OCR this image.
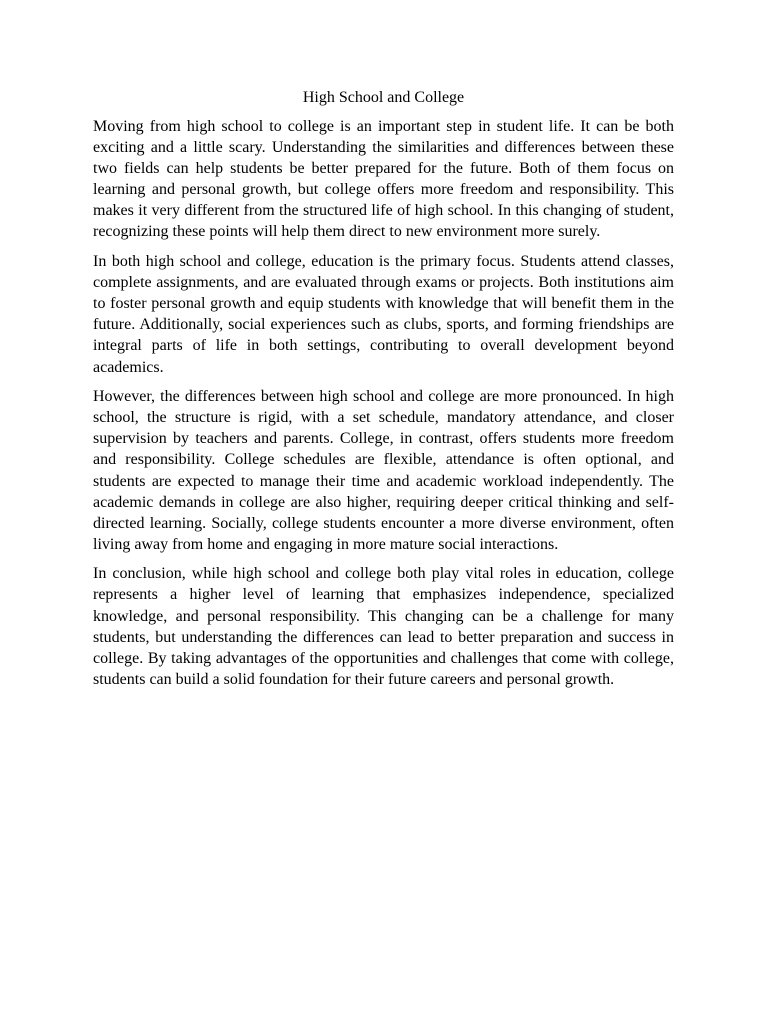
High School and College

Moving from high school to college is an important step in student life. It can be both exciting and a little scary. Understanding the similarities and differences between these two fields can help students be better prepared for the future. Both of them focus on learning and personal growth, but college offers more freedom and responsibility. This makes it very different from the structured life of high school. In this changing of student, recognizing these points will help them direct to new environment more surely.

In both high school and college, education is the primary focus. Students attend classes, complete assignments, and are evaluated through exams or projects. Both institutions aim to foster personal growth and equip students with knowledge that will benefit them in the future. Additionally, social experiences such as clubs, sports, and forming friendships are integral parts of life in both settings, contributing to overall development beyond academics.

However, the differences between high school and college are more pronounced. In high school, the structure is rigid, with a set schedule, mandatory attendance, and closer supervision by teachers and parents. College, in contrast, offers students more freedom and responsibility. College schedules are flexible, attendance is often optional, and students are expected to manage their time and academic workload independently. The academic demands in college are also higher, requiring deeper critical thinking and self-directed learning. Socially, college students encounter a more diverse environment, often living away from home and engaging in more mature social interactions.

In conclusion, while high school and college both play vital roles in education, college represents a higher level of learning that emphasizes independence, specialized knowledge, and personal responsibility. This changing can be a challenge for many students, but understanding the differences can lead to better preparation and success in college. By taking advantages of the opportunities and challenges that come with college, students can build a solid foundation for their future careers and personal growth.
